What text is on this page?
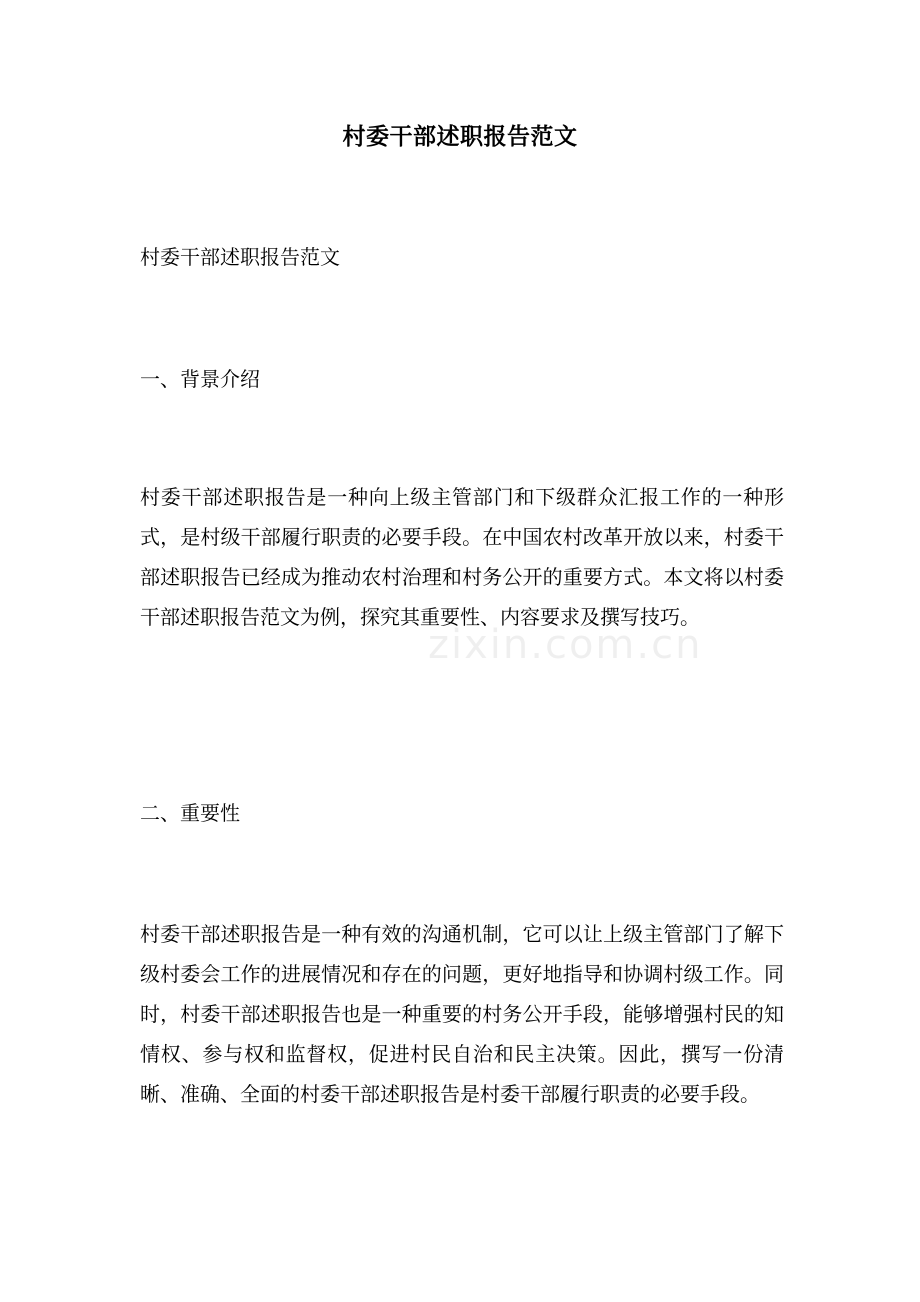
村委干部述职报告范文
村委干部述职报告范文
一、背景介绍
村委干部述职报告是一种向上级主管部门和下级群众汇报工作的一种形式，是村级干部履行职责的必要手段。在中国农村改革开放以来，村委干部述职报告已经成为推动农村治理和村务公开的重要方式。本文将以村委干部述职报告范文为例，探究其重要性、内容要求及撰写技巧。
二、重要性
村委干部述职报告是一种有效的沟通机制，它可以让上级主管部门了解下级村委会工作的进展情况和存在的问题，更好地指导和协调村级工作。同时，村委干部述职报告也是一种重要的村务公开手段，能够增强村民的知情权、参与权和监督权，促进村民自治和民主决策。因此，撰写一份清晰、准确、全面的村委干部述职报告是村委干部履行职责的必要手段。
zixin.com.cn
